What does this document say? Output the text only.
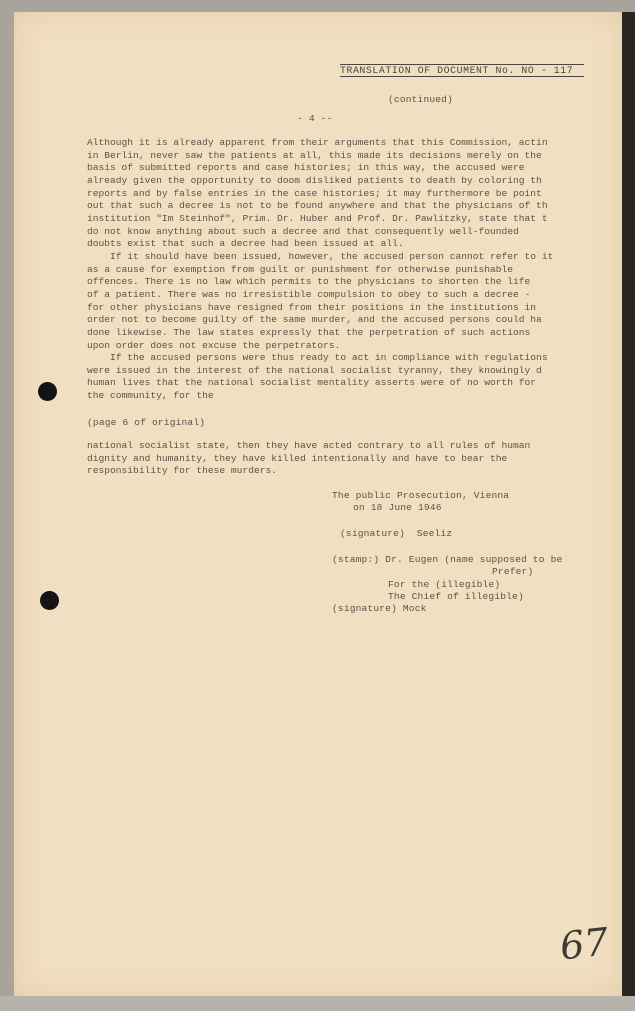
TRANSLATION OF DOCUMENT No. NO - 117
(continued)
- 4 --
Although it is already apparent from their arguments that this Commission, actin
in Berlin, never saw the patients at all, this made its decisions merely on the
basis of submitted reports and case histories; in this way, the accused were
already given the opportunity to doom disliked patients to death by coloring th
reports and by false entries in the case histories; it may furthermore be point
out that such a decree is not to be found anywhere and that the physicians of th
institution "Im Steinhof", Prim. Dr. Huber and Prof. Dr. Pawlitzky, state that t
do not know anything about such a decree and that consequently well-founded
doubts exist that such a decree had been issued at all.
If it should have been issued, however, the accused person cannot refer to it
as a cause for exemption from guilt or punishment for otherwise punishable
offences. There is no law which permits to the physicians to shorten the life
of a patient. There was no irresistible compulsion to obey to such a decree -
for other physicians have resigned from their positions in the institutions in
order not to become guilty of the same murder, and the accused persons could ha
done likewise. The law states expressly that the perpetration of such actions
upon order does not excuse the perpetrators.
If the accused persons were thus ready to act in compliance with regulations
were issued in the interest of the national socialist tyranny, they knowingly d
human lives that the national socialist mentality asserts were of no worth for
the community, for the
(page 6 of original)
national socialist state, then they have acted contrary to all rules of human
dignity and humanity, they have killed intentionally and have to bear the
responsibility for these murders.
The public Prosecution, Vienna
on 18 June 1946
(signature)  Seeliz
(stamp:) Dr. Eugen (name supposed to be
Prefer)
For the (illegible)
The Chief of illegible)
(signature) Mock
67
